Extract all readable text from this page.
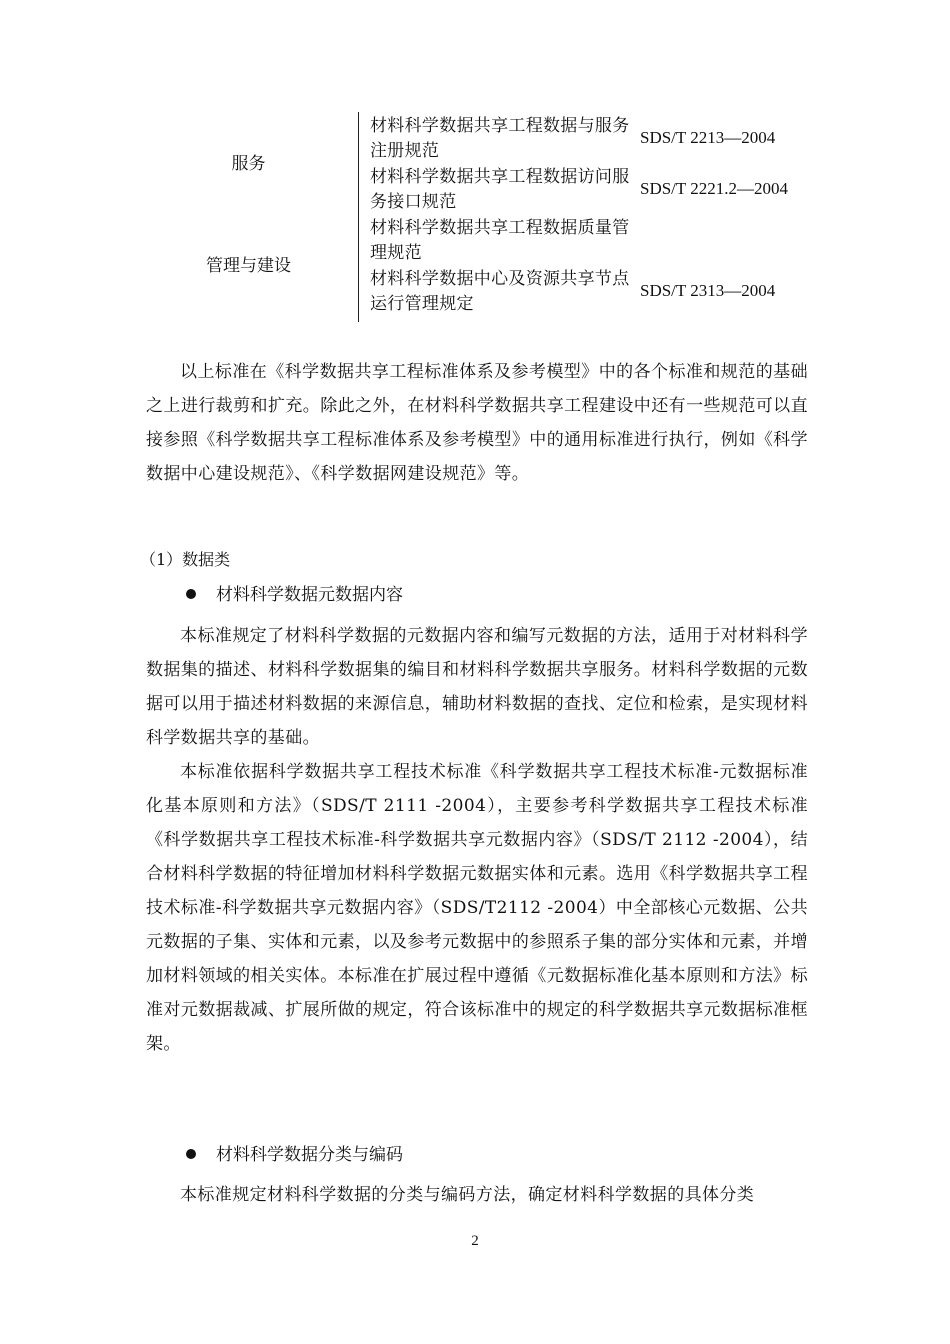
服务
管理与建设
材料科学数据共享工程数据与服务注册规范
SDS/T 2213—2004
材料科学数据共享工程数据访问服务接口规范
SDS/T 2221.2—2004
材料科学数据共享工程数据质量管理规范
材料科学数据中心及资源共享节点运行管理规定
SDS/T 2313—2004

以上标准在《科学数据共享工程标准体系及参考模型》中的各个标准和规范的基础之上进行裁剪和扩充。除此之外，在材料科学数据共享工程建设中还有一些规范可以直接参照《科学数据共享工程标准体系及参考模型》中的通用标准进行执行，例如《科学数据中心建设规范》、《科学数据网建设规范》等。

（1）数据类
材料科学数据元数据内容

本标准规定了材料科学数据的元数据内容和编写元数据的方法，适用于对材料科学数据集的描述、材料科学数据集的编目和材料科学数据共享服务。材料科学数据的元数据可以用于描述材料数据的来源信息，辅助材料数据的查找、定位和检索，是实现材料科学数据共享的基础。

本标准依据科学数据共享工程技术标准《科学数据共享工程技术标准-元数据标准化基本原则和方法》（SDS/T 2111 -2004），主要参考科学数据共享工程技术标准《科学数据共享工程技术标准-科学数据共享元数据内容》（SDS/T 2112 -2004），结合材料科学数据的特征增加材料科学数据元数据实体和元素。选用《科学数据共享工程技术标准-科学数据共享元数据内容》（SDS/T2112 -2004）中全部核心元数据、公共元数据的子集、实体和元素，以及参考元数据中的参照系子集的部分实体和元素，并增加材料领域的相关实体。本标准在扩展过程中遵循《元数据标准化基本原则和方法》标准对元数据裁减、扩展所做的规定，符合该标准中的规定的科学数据共享元数据标准框架。

材料科学数据分类与编码

本标准规定材料科学数据的分类与编码方法，确定材料科学数据的具体分类

2
